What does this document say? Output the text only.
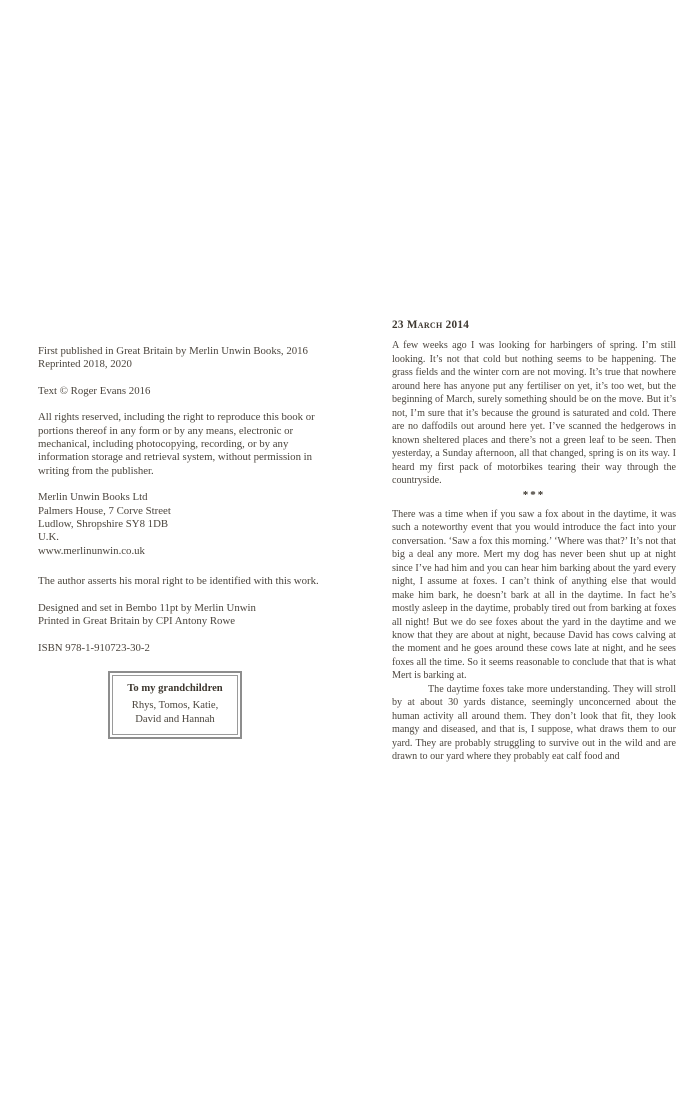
First published in Great Britain by Merlin Unwin Books, 2016
Reprinted 2018, 2020
Text © Roger Evans 2016

All rights reserved, including the right to reproduce this book or portions thereof in any form or by any means, electronic or mechanical, including photocopying, recording, or by any information storage and retrieval system, without permission in writing from the publisher.

Merlin Unwin Books Ltd
Palmers House, 7 Corve Street
Ludlow, Shropshire SY8 1DB
U.K.
www.merlinunwin.co.uk
The author asserts his moral right to be identified with this work.
Designed and set in Bembo 11pt by Merlin Unwin
Printed in Great Britain by CPI Antony Rowe
ISBN 978-1-910723-30-2
To my grandchildren
Rhys, Tomos, Katie,
David and Hannah
23 March 2014

A few weeks ago I was looking for harbingers of spring. I’m still looking. It’s not that cold but nothing seems to be happening. The grass fields and the winter corn are not moving. It’s true that nowhere around here has anyone put any fertiliser on yet, it’s too wet, but the beginning of March, surely something should be on the move. But it’s not, I’m sure that it’s because the ground is saturated and cold. There are no daffodils out around here yet. I’ve scanned the hedgerows in known sheltered places and there’s not a green leaf to be seen. Then yesterday, a Sunday afternoon, all that changed, spring is on its way. I heard my first pack of motorbikes tearing their way through the countryside.

***

There was a time when if you saw a fox about in the daytime, it was such a noteworthy event that you would introduce the fact into your conversation. ‘Saw a fox this morning.’ ‘Where was that?’ It’s not that big a deal any more. Mert my dog has never been shut up at night since I’ve had him and you can hear him barking about the yard every night, I assume at foxes. I can’t think of anything else that would make him bark, he doesn’t bark at all in the daytime. In fact he’s mostly asleep in the daytime, probably tired out from barking at foxes all night! But we do see foxes about the yard in the daytime and we know that they are about at night, because David has cows calving at the moment and he goes around these cows late at night, and he sees foxes all the time. So it seems reasonable to conclude that that is what Mert is barking at.

The daytime foxes take more understanding. They will stroll by at about 30 yards distance, seemingly unconcerned about the human activity all around them. They don’t look that fit, they look mangy and diseased, and that is, I suppose, what draws them to our yard. They are probably struggling to survive out in the wild and are drawn to our yard where they probably eat calf food and
